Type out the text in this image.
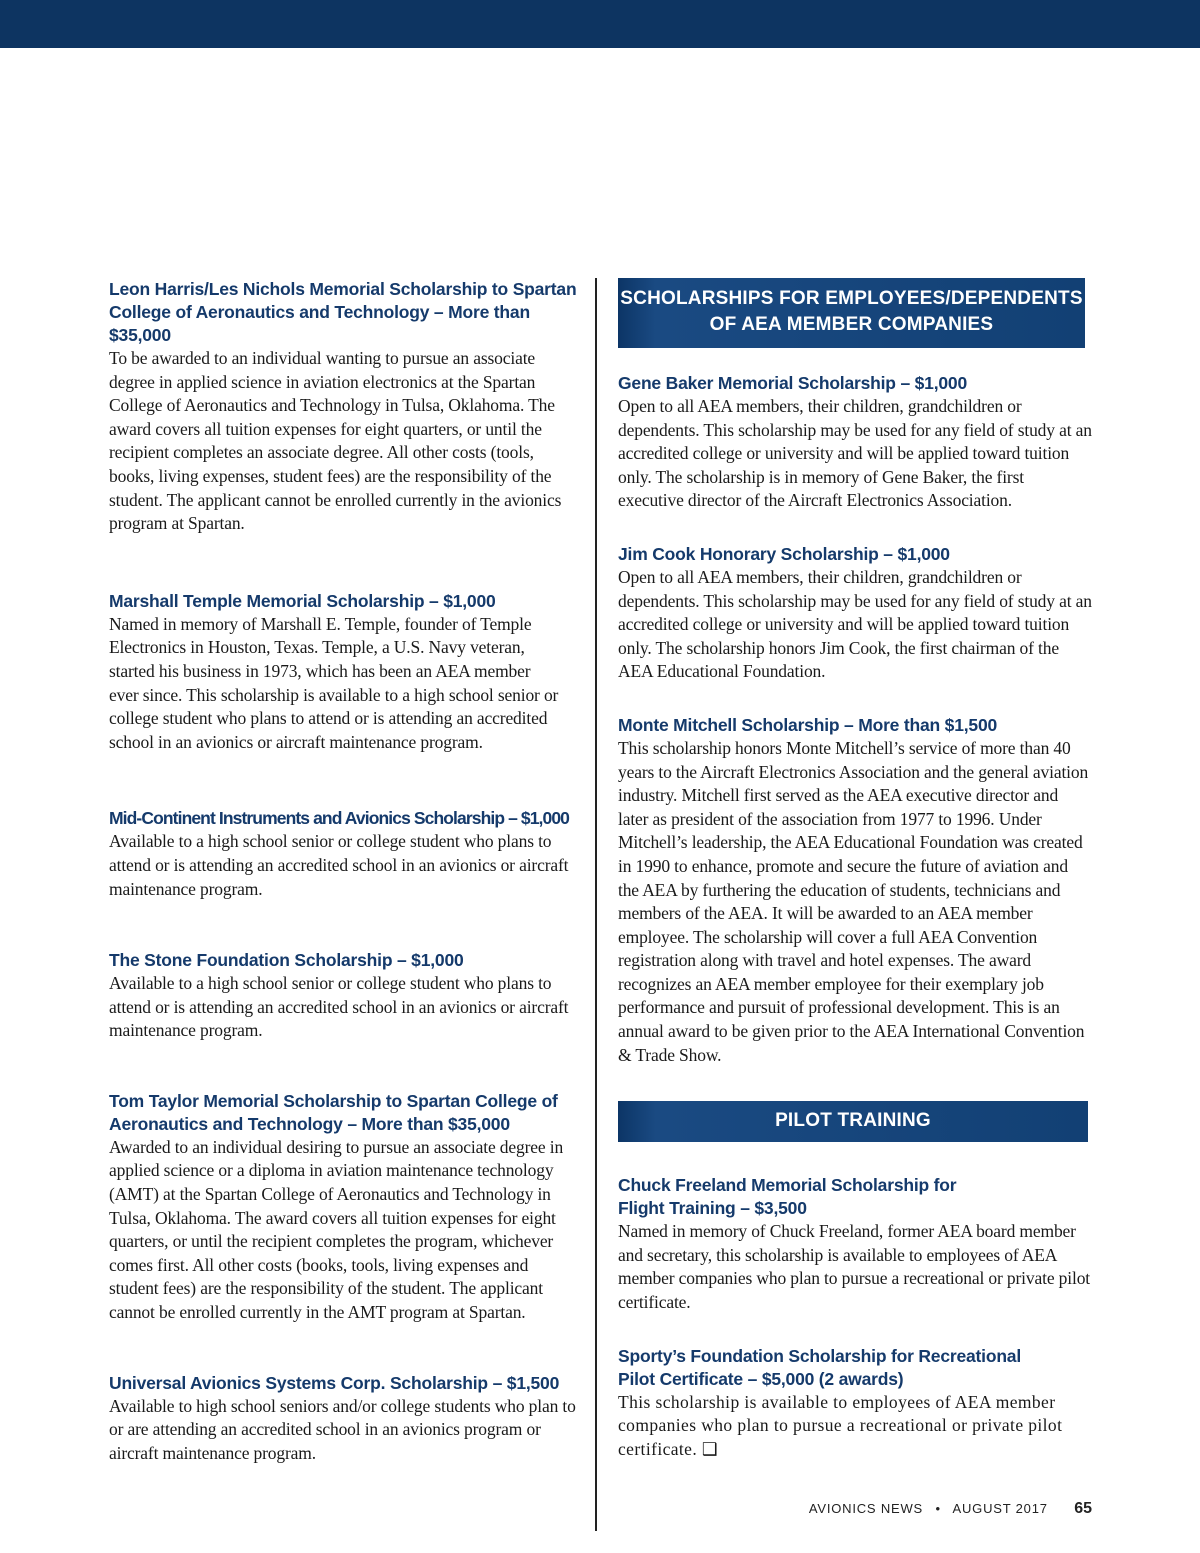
Leon Harris/Les Nichols Memorial Scholarship to Spartan College of Aeronautics and Technology – More than $35,000

To be awarded to an individual wanting to pursue an associate degree in applied science in aviation electronics at the Spartan College of Aeronautics and Technology in Tulsa, Oklahoma. The award covers all tuition expenses for eight quarters, or until the recipient completes an associate degree. All other costs (tools, books, living expenses, student fees) are the responsibility of the student. The applicant cannot be enrolled currently in the avionics program at Spartan.

Marshall Temple Memorial Scholarship – $1,000

Named in memory of Marshall E. Temple, founder of Temple Electronics in Houston, Texas. Temple, a U.S. Navy veteran, started his business in 1973, which has been an AEA member ever since. This scholarship is available to a high school senior or college student who plans to attend or is attending an accredited school in an avionics or aircraft maintenance program.

Mid-Continent Instruments and Avionics Scholarship – $1,000

Available to a high school senior or college student who plans to attend or is attending an accredited school in an avionics or aircraft maintenance program.

The Stone Foundation Scholarship – $1,000

Available to a high school senior or college student who plans to attend or is attending an accredited school in an avionics or aircraft maintenance program.

Tom Taylor Memorial Scholarship to Spartan College of Aeronautics and Technology – More than $35,000

Awarded to an individual desiring to pursue an associate degree in applied science or a diploma in aviation maintenance technology (AMT) at the Spartan College of Aeronautics and Technology in Tulsa, Oklahoma. The award covers all tuition expenses for eight quarters, or until the recipient completes the program, whichever comes first. All other costs (books, tools, living expenses and student fees) are the responsibility of the student. The applicant cannot be enrolled currently in the AMT program at Spartan.

Universal Avionics Systems Corp. Scholarship – $1,500

Available to high school seniors and/or college students who plan to or are attending an accredited school in an avionics program or aircraft maintenance program.

SCHOLARSHIPS FOR EMPLOYEES/DEPENDENTS OF AEA MEMBER COMPANIES
Gene Baker Memorial Scholarship – $1,000

Open to all AEA members, their children, grandchildren or dependents. This scholarship may be used for any field of study at an accredited college or university and will be applied toward tuition only. The scholarship is in memory of Gene Baker, the first executive director of the Aircraft Electronics Association.

Jim Cook Honorary Scholarship – $1,000

Open to all AEA members, their children, grandchildren or dependents. This scholarship may be used for any field of study at an accredited college or university and will be applied toward tuition only. The scholarship honors Jim Cook, the first chairman of the AEA Educational Foundation.

Monte Mitchell Scholarship – More than $1,500

This scholarship honors Monte Mitchell’s service of more than 40 years to the Aircraft Electronics Association and the general aviation industry. Mitchell first served as the AEA executive director and later as president of the association from 1977 to 1996. Under Mitchell’s leadership, the AEA Educational Foundation was created in 1990 to enhance, promote and secure the future of aviation and the AEA by furthering the education of students, technicians and members of the AEA. It will be awarded to an AEA member employee. The scholarship will cover a full AEA Convention registration along with travel and hotel expenses. The award recognizes an AEA member employee for their exemplary job performance and pursuit of professional development. This is an annual award to be given prior to the AEA International Convention & Trade Show.

PILOT TRAINING
Chuck Freeland Memorial Scholarship for Flight Training – $3,500

Named in memory of Chuck Freeland, former AEA board member and secretary, this scholarship is available to employees of AEA member companies who plan to pursue a recreational or private pilot certificate.

Sporty’s Foundation Scholarship for Recreational Pilot Certificate – $5,000 (2 awards)

This scholarship is available to employees of AEA member companies who plan to pursue a recreational or private pilot certificate. ❑

AVIONICS NEWS • AUGUST 2017 65
